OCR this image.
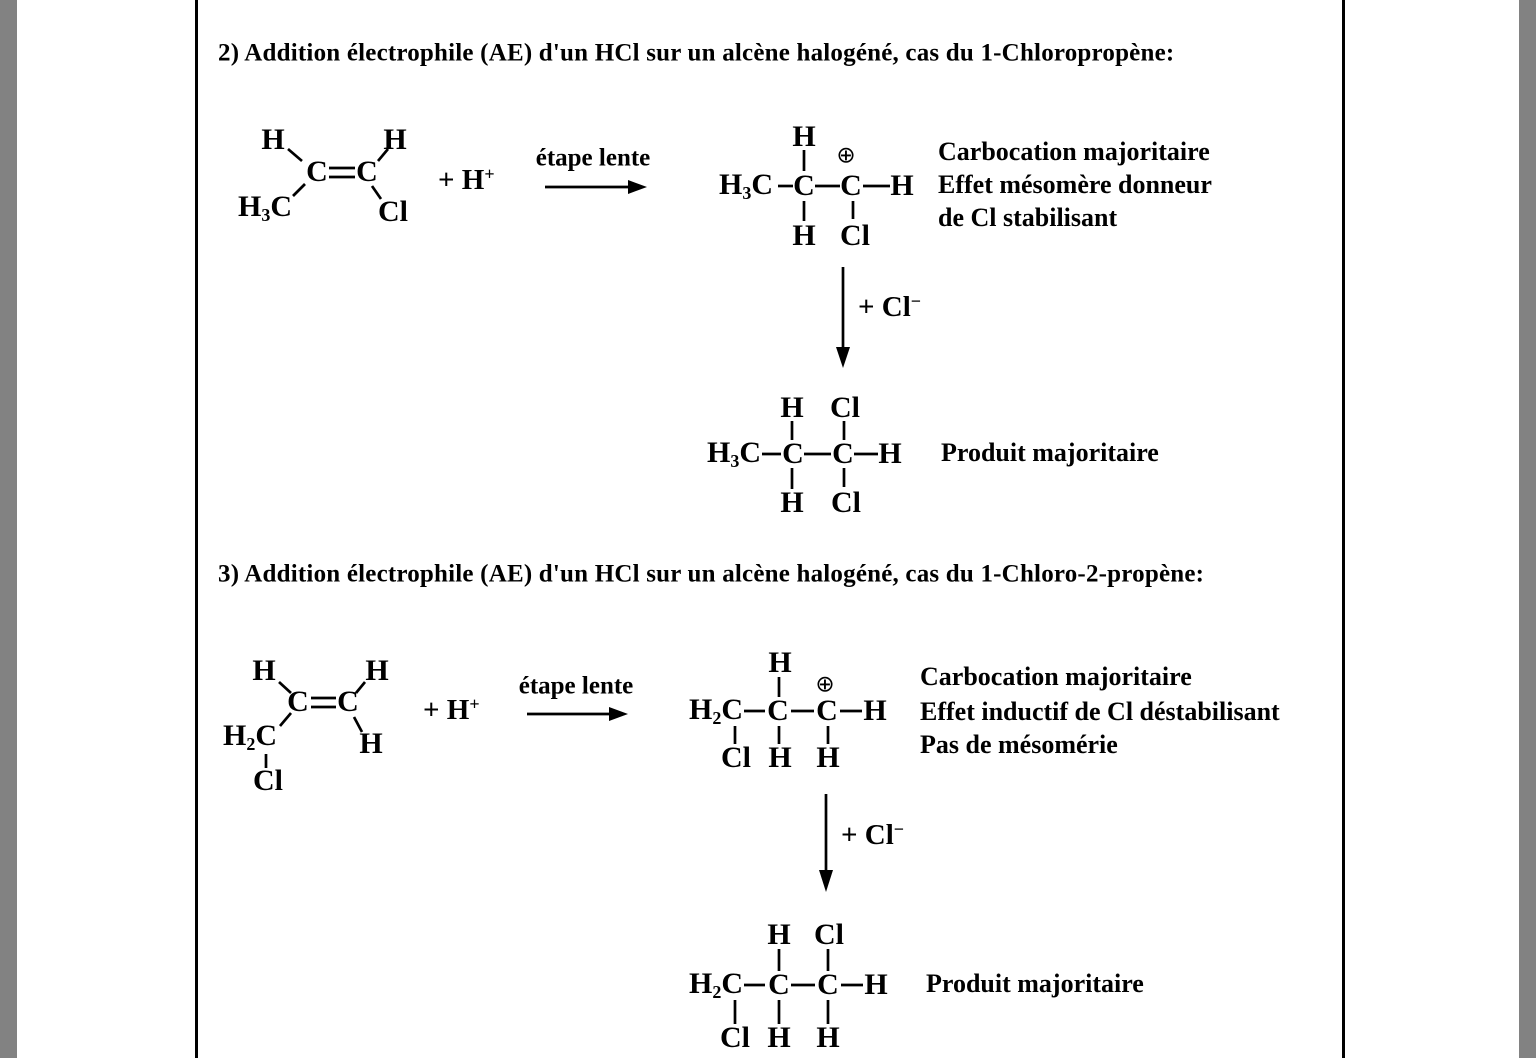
2) Addition électrophile (AE) d'un HCl sur un alcène halogéné, cas du 1-Chloropropène:
H	H
C C
$H_3C$	Cl
+ H+
étape lente
H
⊕
$H_3C$ C C H
H Cl
Carbocation majoritaire
Effet mésomère donneur
de Cl stabilisant
+ Cl−
H Cl
$H_3C$ C C H
H Cl
Produit majoritaire
3) Addition électrophile (AE) d'un HCl sur un alcène halogéné, cas du 1-Chloro-2-propène:
H	H
C C
$H_2C$	H
Cl
+ H+
étape lente
H
⊕
$H_2C$ C C H
Cl H H
Carbocation majoritaire
Effet inductif de Cl déstabilisant
Pas de mésomérie
+ Cl−
H Cl
$H_2C$ C C H
Cl H H
Produit majoritaire
